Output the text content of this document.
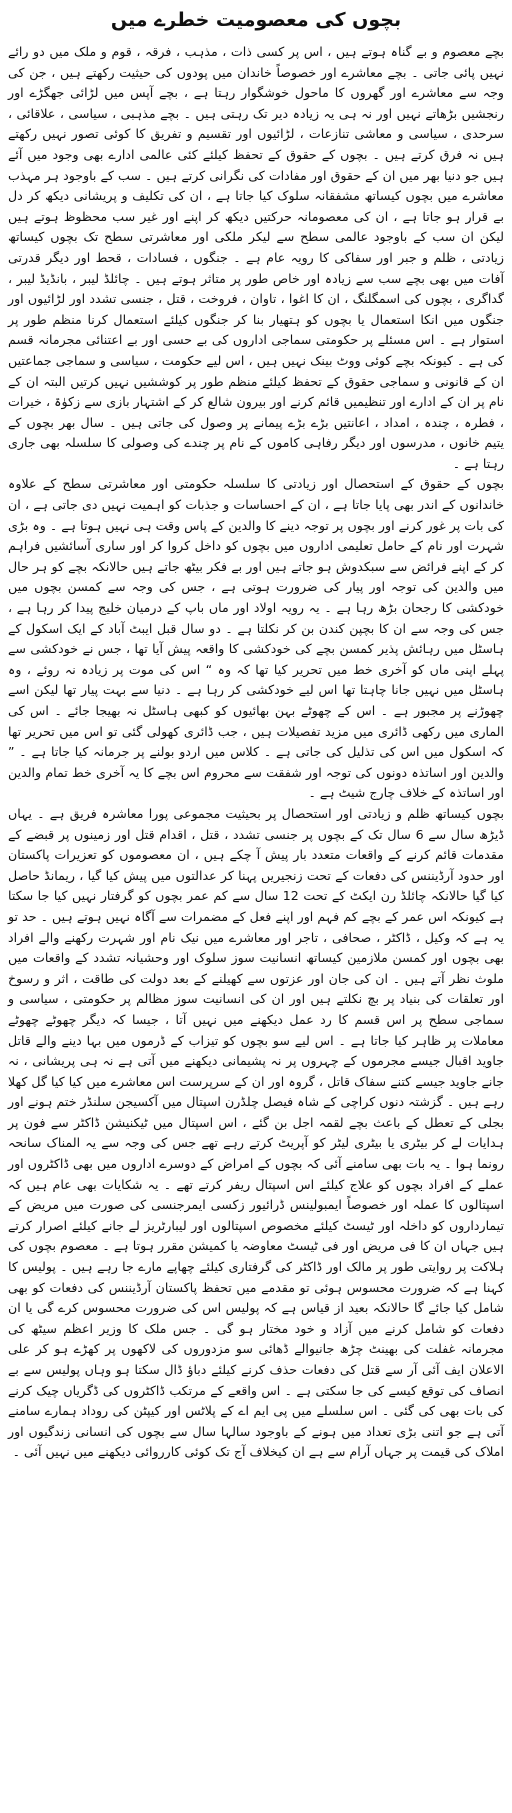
بچوں کی معصومیت خطرے میں

بچے معصوم و بے گناہ ہوتے ہیں ، اس پر کسی ذات ، مذہب ، فرقہ ، قوم و ملک میں دو رائے نہیں پائی جاتی ۔ بچے معاشرے اور خصوصاً خاندان میں پودوں کی حیثیت رکھتے ہیں ، جن کی وجہ سے معاشرے اور گھروں کا ماحول خوشگوار رہتا ہے ، بچے آپس میں لڑائی جھگڑے اور رنجشیں بڑھاتے نہیں اور نہ ہی یہ زیادہ دیر تک رہتی ہیں ۔ بچے مذہبی ، سیاسی ، علاقائی ، سرحدی ، سیاسی و معاشی تنازعات ، لڑائیوں اور تقسیم و تفریق کا کوئی تصور نہیں رکھتے ہیں نہ فرق کرتے ہیں ۔ بچوں کے حقوق کے تحفظ کیلئے کئی عالمی ادارے بھی وجود میں آئے ہیں جو دنیا بھر میں ان کے حقوق اور مفادات کی نگرانی کرتے ہیں ۔ سب کے باوجود ہر مہذب معاشرے میں بچوں کیساتھ مشفقانہ سلوک کیا جاتا ہے ، ان کی تکلیف و پریشانی دیکھ کر دل بے قرار ہو جاتا ہے ، ان کی معصومانہ حرکتیں دیکھ کر اپنے اور غیر سب محظوظ ہوتے ہیں لیکن ان سب کے باوجود عالمی سطح سے لیکر ملکی اور معاشرتی سطح تک بچوں کیساتھ زیادتی ، ظلم و جبر اور سفاکی کا رویہ عام ہے ۔ جنگوں ، فسادات ، قحط اور دیگر قدرتی آفات میں بھی بچے سب سے زیادہ اور خاص طور پر متاثر ہوتے ہیں ۔ چائلڈ لیبر ، بانڈیڈ لیبر ، گداگری ، بچوں کی اسمگلنگ ، ان کا اغوا ، تاوان ، فروخت ، قتل ، جنسی تشدد اور لڑائیوں اور جنگوں میں انکا استعمال یا بچوں کو ہتھیار بنا کر جنگوں کیلئے استعمال کرنا منظم طور پر استوار ہے ۔ اس مسئلے پر حکومتی سماجی اداروں کی بے حسی اور بے اعتنائی مجرمانہ قسم کی ہے ۔ کیونکہ بچے کوئی ووٹ بینک نہیں ہیں ، اس لیے حکومت ، سیاسی و سماجی جماعتیں ان کے قانونی و سماجی حقوق کے تحفظ کیلئے منظم طور پر کوششیں نہیں کرتیں البتہ ان کے نام پر ان کے ادارے اور تنظیمیں قائم کرنے اور بیرون شالع کر کے اشتہار بازی سے زکوٰۃ ، خیرات ، فطرہ ، چندہ ، امداد ، اعانتیں بڑے بڑے پیمانے پر وصول کی جاتی ہیں ۔ سال بھر بچوں کے یتیم خانوں ، مدرسوں اور دیگر رفاہی کاموں کے نام پر چندے کی وصولی کا سلسلہ بھی جاری رہتا ہے ۔

بچوں کے حقوق کے استحصال اور زیادتی کا سلسلہ حکومتی اور معاشرتی سطح کے علاوہ خاندانوں کے اندر بھی پایا جاتا ہے ، ان کے احساسات و جذبات کو اہمیت نہیں دی جاتی ہے ، ان کی بات پر غور کرنے اور بچوں پر توجہ دینے کا والدین کے پاس وقت ہی نہیں ہوتا ہے ۔ وہ بڑی شہرت اور نام کے حامل تعلیمی اداروں میں بچوں کو داخل کروا کر اور ساری آسائشیں فراہم کر کے اپنے فرائض سے سبکدوش ہو جاتے ہیں اور بے فکر بیٹھ جاتے ہیں حالانکہ بچے کو ہر حال میں والدین کی توجہ اور پیار کی ضرورت ہوتی ہے ، جس کی وجہ سے کمسن بچوں میں خودکشی کا رجحان بڑھ رہا ہے ۔ یہ رویہ اولاد اور ماں باپ کے درمیان خلیج پیدا کر رہا ہے ، جس کی وجہ سے ان کا بچپن کندن بن کر نکلتا ہے ۔ دو سال قبل ایبٹ آباد کے ایک اسکول کے ہاسٹل میں رہائش پذیر کمسن بچے کی خودکشی کا واقعہ پیش آیا تھا ، جس نے خودکشی سے پہلے اپنی ماں کو آخری خط میں تحریر کیا تھا کہ وہ “ اس کی موت پر زیادہ نہ روئے ، وہ ہاسٹل میں نہیں جانا چاہتا تھا اس لیے خودکشی کر رہا ہے ۔ دنیا سے بہت پیار تھا لیکن اسے چھوڑنے پر مجبور ہے ۔ اس کے چھوٹے بہن بھائیوں کو کبھی ہاسٹل نہ بھیجا جائے ۔ اس کی الماری میں رکھی ڈائری میں مزید تفصیلات ہیں ، جب ڈائری کھولی گئی تو اس میں تحریر تھا کہ اسکول میں اس کی تذلیل کی جاتی ہے ۔ کلاس میں اردو بولنے پر جرمانہ کیا جاتا ہے ۔ ” والدین اور اساتذہ دونوں کی توجہ اور شفقت سے محروم اس بچے کا یہ آخری خط تمام والدین اور اساتذہ کے خلاف چارج شیٹ ہے ۔

بچوں کیساتھ ظلم و زیادتی اور استحصال پر بحیثیت مجموعی پورا معاشرہ فریق ہے ۔ یہاں ڈیڑھ سال سے 6 سال تک کے بچوں پر جنسی تشدد ، قتل ، اقدام قتل اور زمینوں پر قبضے کے مقدمات قائم کرنے کے واقعات متعدد بار پیش آ چکے ہیں ، ان معصوموں کو تعزیرات پاکستان اور حدود آرڈیننس کی دفعات کے تحت زنجیریں پہنا کر عدالتوں میں پیش کیا گیا ، ریمانڈ حاصل کیا گیا حالانکہ چائلڈ رن ایکٹ کے تحت 12 سال سے کم عمر بچوں کو گرفتار نہیں کیا جا سکتا ہے کیونکہ اس عمر کے بچے کم فہم اور اپنے فعل کے مضمرات سے آگاہ نہیں ہوتے ہیں ۔ حد تو یہ ہے کہ وکیل ، ڈاکٹر ، صحافی ، تاجر اور معاشرے میں نیک نام اور شہرت رکھنے والے افراد بھی بچوں اور کمسن ملازمین کیساتھ انسانیت سوز سلوک اور وحشیانہ تشدد کے واقعات میں ملوث نظر آتے ہیں ۔ ان کی جان اور عزتوں سے کھیلنے کے بعد دولت کی طاقت ، اثر و رسوخ اور تعلقات کی بنیاد پر بچ نکلتے ہیں اور ان کی انسانیت سوز مظالم پر حکومتی ، سیاسی و سماجی سطح پر اس قسم کا رد عمل دیکھنے میں نہیں آتا ، جیسا کہ دیگر چھوٹے چھوٹے معاملات پر ظاہر کیا جاتا ہے ۔ اس لیے سو بچوں کو تیزاب کے ڈرموں میں بہا دینے والے قاتل جاوید اقبال جیسے مجرموں کے چہروں پر نہ پشیمانی دیکھنے میں آتی ہے نہ ہی پریشانی ، نہ جانے جاوید جیسے کتنے سفاک قاتل ، گروہ اور ان کے سرپرست اس معاشرے میں کیا کیا گل کھلا رہے ہیں ۔ گزشتہ دنوں کراچی کے شاہ فیصل چلڈرن اسپتال میں آکسیجن سلنڈر ختم ہونے اور بجلی کے تعطل کے باعث بچے لقمہ اجل بن گئے ، اس اسپتال میں ٹیکنیشن ڈاکٹر سے فون پر ہدایات لے کر بیٹری یا بیٹری لیٹر کو آپریٹ کرتے رہے تھے جس کی وجہ سے یہ المناک سانحہ رونما ہوا ۔ یہ بات بھی سامنے آئی کہ بچوں کے امراض کے دوسرے اداروں میں بھی ڈاکٹروں اور عملے کے افراد بچوں کو علاج کیلئے اس اسپتال ریفر کرتے تھے ۔ یہ شکایات بھی عام ہیں کہ اسپتالوں کا عملہ اور خصوصاً ایمبولینس ڈرائیور زکسی ایمرجنسی کی صورت میں مریض کے تیمارداروں کو داخلہ اور ٹیسٹ کیلئے مخصوص اسپتالوں اور لیبارٹریز لے جانے کیلئے اصرار کرتے ہیں جہاں ان کا فی مریض اور فی ٹیسٹ معاوضہ یا کمیشن مقرر ہوتا ہے ۔ معصوم بچوں کی ہلاکت پر روایتی طور پر مالک اور ڈاکٹر کی گرفتاری کیلئے چھاپے مارے جا رہے ہیں ۔ پولیس کا کہنا ہے کہ ضرورت محسوس ہوئی تو مقدمے میں تحفظ پاکستان آرڈیننس کی دفعات کو بھی شامل کیا جائے گا حالانکہ بعید از قیاس ہے کہ پولیس اس کی ضرورت محسوس کرے گی یا ان دفعات کو شامل کرنے میں آزاد و خود مختار ہو گی ۔ جس ملک کا وزیر اعظم سیٹھ کی مجرمانہ غفلت کی بھینٹ چڑھ جانیوالے ڈھائی سو مزدوروں کی لاکھوں پر کھڑے ہو کر علی الاعلان ایف آئی آر سے قتل کی دفعات حذف کرنے کیلئے دباؤ ڈال سکتا ہو وہاں پولیس سے بے انصاف کی توقع کیسے کی جا سکتی ہے ۔ اس واقعے کے مرتکب ڈاکٹروں کی ڈگریاں چیک کرنے کی بات بھی کی گئی ۔ اس سلسلے میں پی ایم اے کے پلاٹس اور کیپٹن کی روداد ہمارے سامنے آتی ہے جو اتنی بڑی تعداد میں ہونے کے باوجود سالہا سال سے بچوں کی انسانی زندگیوں اور املاک کی قیمت پر جہاں آرام سے ہے ان کیخلاف آج تک کوئی کارروائی دیکھنے میں نہیں آئی ۔
